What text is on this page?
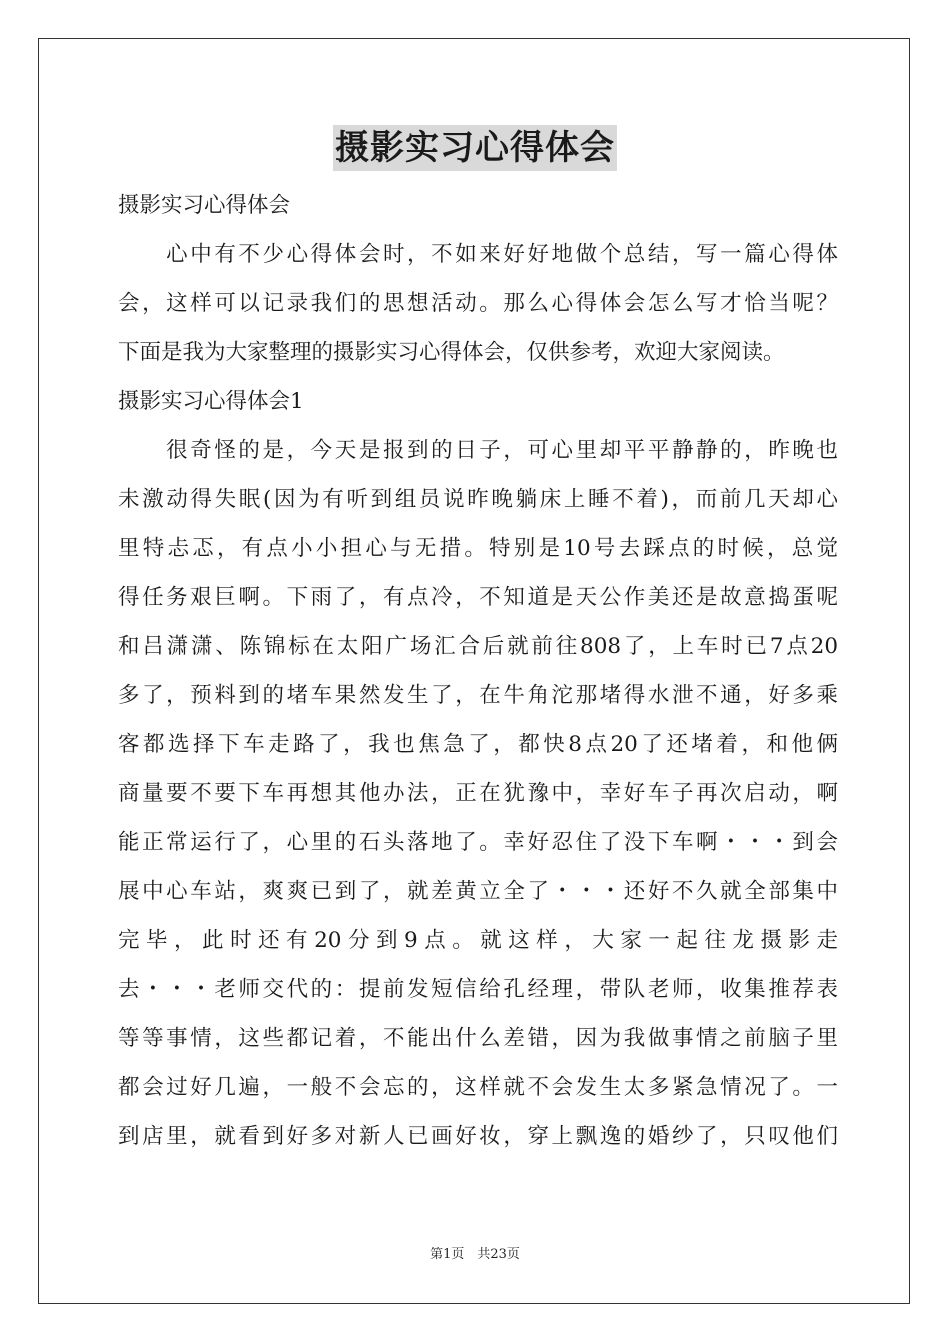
摄影实习心得体会
摄影实习心得体会
　　心中有不少心得体会时，不如来好好地做个总结，写一篇心得体
会，这样可以记录我们的思想活动。那么心得体会怎么写才恰当呢？
下面是我为大家整理的摄影实习心得体会，仅供参考，欢迎大家阅读。
摄影实习心得体会1
　　很奇怪的是，今天是报到的日子，可心里却平平静静的，昨晚也
未激动得失眠(因为有听到组员说昨晚躺床上睡不着)，而前几天却心
里特忐忑，有点小小担心与无措。特别是10号去踩点的时候，总觉
得任务艰巨啊。下雨了，有点冷，不知道是天公作美还是故意捣蛋呢
和吕潇潇、陈锦标在太阳广场汇合后就前往808了，上车时已7点20
多了，预料到的堵车果然发生了，在牛角沱那堵得水泄不通，好多乘
客都选择下车走路了，我也焦急了，都快8点20了还堵着，和他俩
商量要不要下车再想其他办法，正在犹豫中，幸好车子再次启动，啊
能正常运行了，心里的石头落地了。幸好忍住了没下车啊・・・到会
展中心车站，爽爽已到了，就差黄立全了・・・还好不久就全部集中
完毕，此时还有20分到9点。就这样，大家一起往龙摄影走
去・・・老师交代的：提前发短信给孔经理，带队老师，收集推荐表
等等事情，这些都记着，不能出什么差错，因为我做事情之前脑子里
都会过好几遍，一般不会忘的，这样就不会发生太多紧急情况了。一
到店里，就看到好多对新人已画好妆，穿上飘逸的婚纱了，只叹他们
第1页　共23页
